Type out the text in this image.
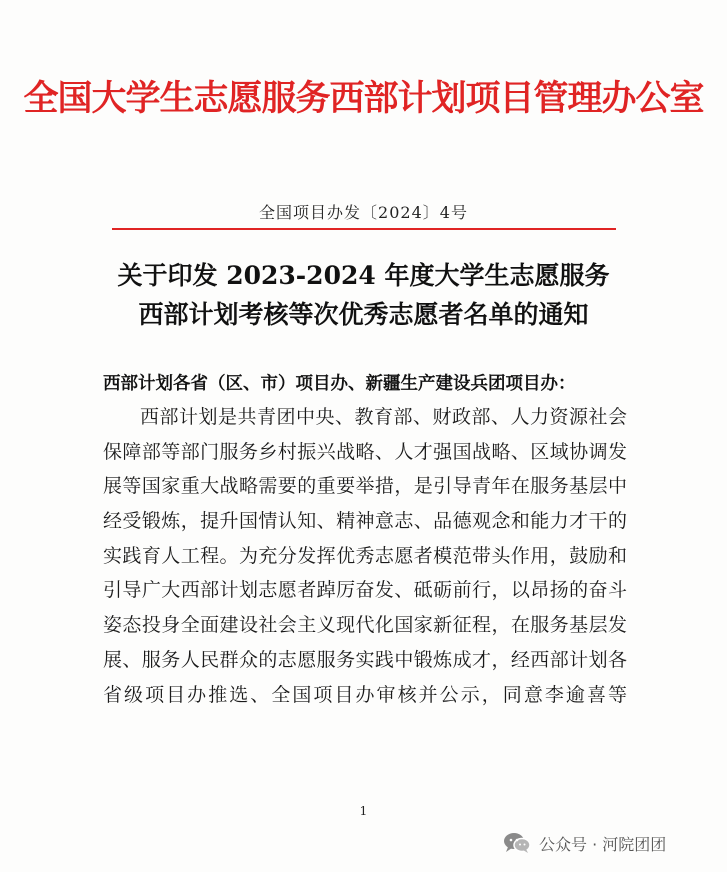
全国大学生志愿服务西部计划项目管理办公室
全国项目办发〔2024〕4号
关于印发 2023-2024 年度大学生志愿服务
西部计划考核等次优秀志愿者名单的通知
西部计划各省（区、市）项目办、新疆生产建设兵团项目办：
西部计划是共青团中央、教育部、财政部、人力资源社会
保障部等部门服务乡村振兴战略、人才强国战略、区域协调发
展等国家重大战略需要的重要举措，是引导青年在服务基层中
经受锻炼，提升国情认知、精神意志、品德观念和能力才干的
实践育人工程。为充分发挥优秀志愿者模范带头作用，鼓励和
引导广大西部计划志愿者踔厉奋发、砥砺前行，以昂扬的奋斗
姿态投身全面建设社会主义现代化国家新征程，在服务基层发
展、服务人民群众的志愿服务实践中锻炼成才，经西部计划各
省级项目办推选、全国项目办审核并公示，同意李逾喜等
1
公众号 · 河院团团
